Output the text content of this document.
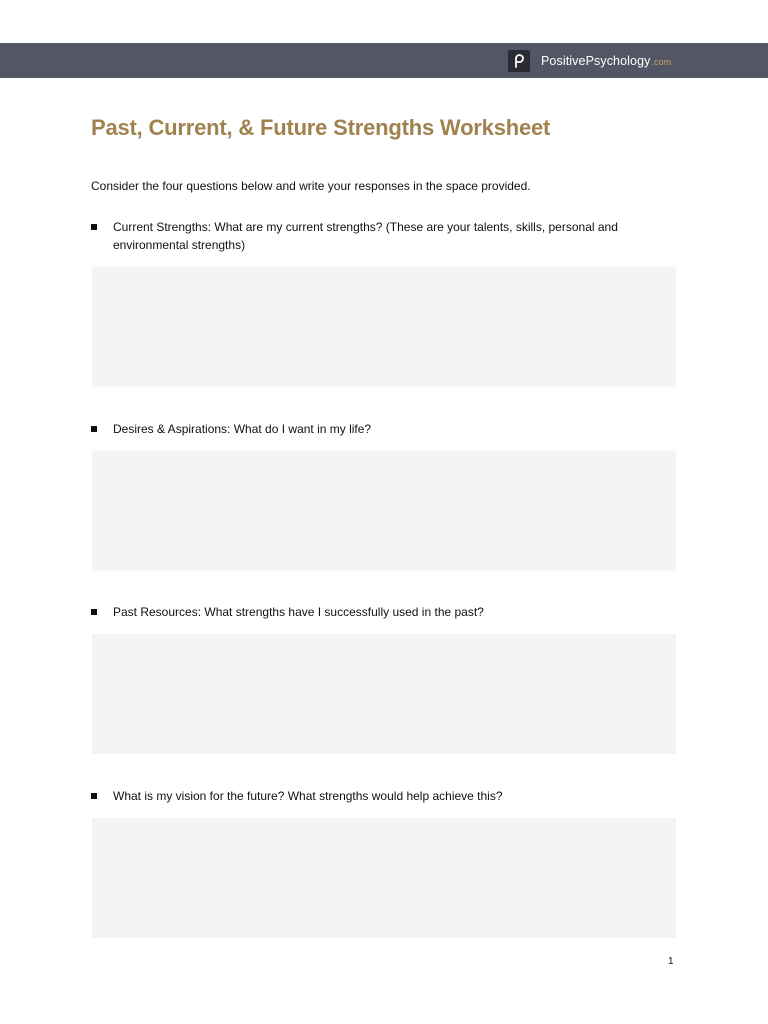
PositivePsychology.com
Past, Current, & Future Strengths Worksheet
Consider the four questions below and write your responses in the space provided.
Current Strengths: What are my current strengths? (These are your talents, skills, personal and environmental strengths)
Desires & Aspirations: What do I want in my life?
Past Resources: What strengths have I successfully used in the past?
What is my vision for the future? What strengths would help achieve this?
1
